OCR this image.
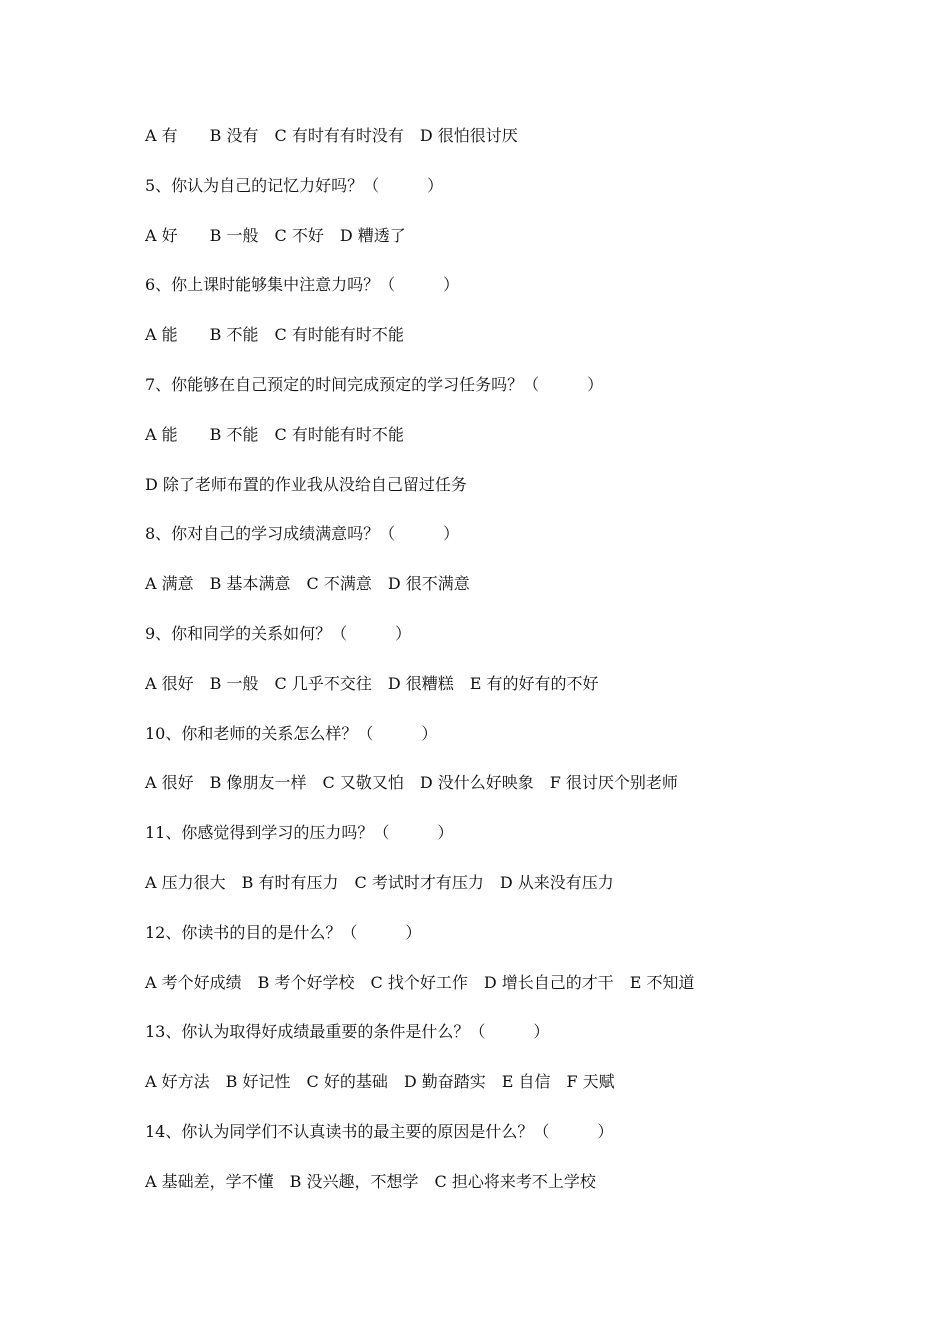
A 有　　B 没有　C 有时有有时没有　D 很怕很讨厌
5、你认为自己的记忆力好吗？（　　　）
A 好　　B 一般　C 不好　D 糟透了
6、你上课时能够集中注意力吗？（　　　）
A 能　　B 不能　C 有时能有时不能
7、你能够在自己预定的时间完成预定的学习任务吗？（　　　）
A 能　　B 不能　C 有时能有时不能
D 除了老师布置的作业我从没给自己留过任务
8、你对自己的学习成绩满意吗？（　　　）
A 满意　B 基本满意　C 不满意　D 很不满意
9、你和同学的关系如何？（　　　）
A 很好　B 一般　C 几乎不交往　D 很糟糕　E 有的好有的不好
10、你和老师的关系怎么样？（　　　）
A 很好　B 像朋友一样　C 又敬又怕　D 没什么好映象　F 很讨厌个别老师
11、你感觉得到学习的压力吗？（　　　）
A 压力很大　B 有时有压力　C 考试时才有压力　D 从来没有压力
12、你读书的目的是什么？（　　　）
A 考个好成绩　B 考个好学校　C 找个好工作　D 增长自己的才干　E 不知道
13、你认为取得好成绩最重要的条件是什么？（　　　）
A 好方法　B 好记性　C 好的基础　D 勤奋踏实　E 自信　F 天赋
14、你认为同学们不认真读书的最主要的原因是什么？（　　　）
A 基础差，学不懂　B 没兴趣，不想学　C 担心将来考不上学校
